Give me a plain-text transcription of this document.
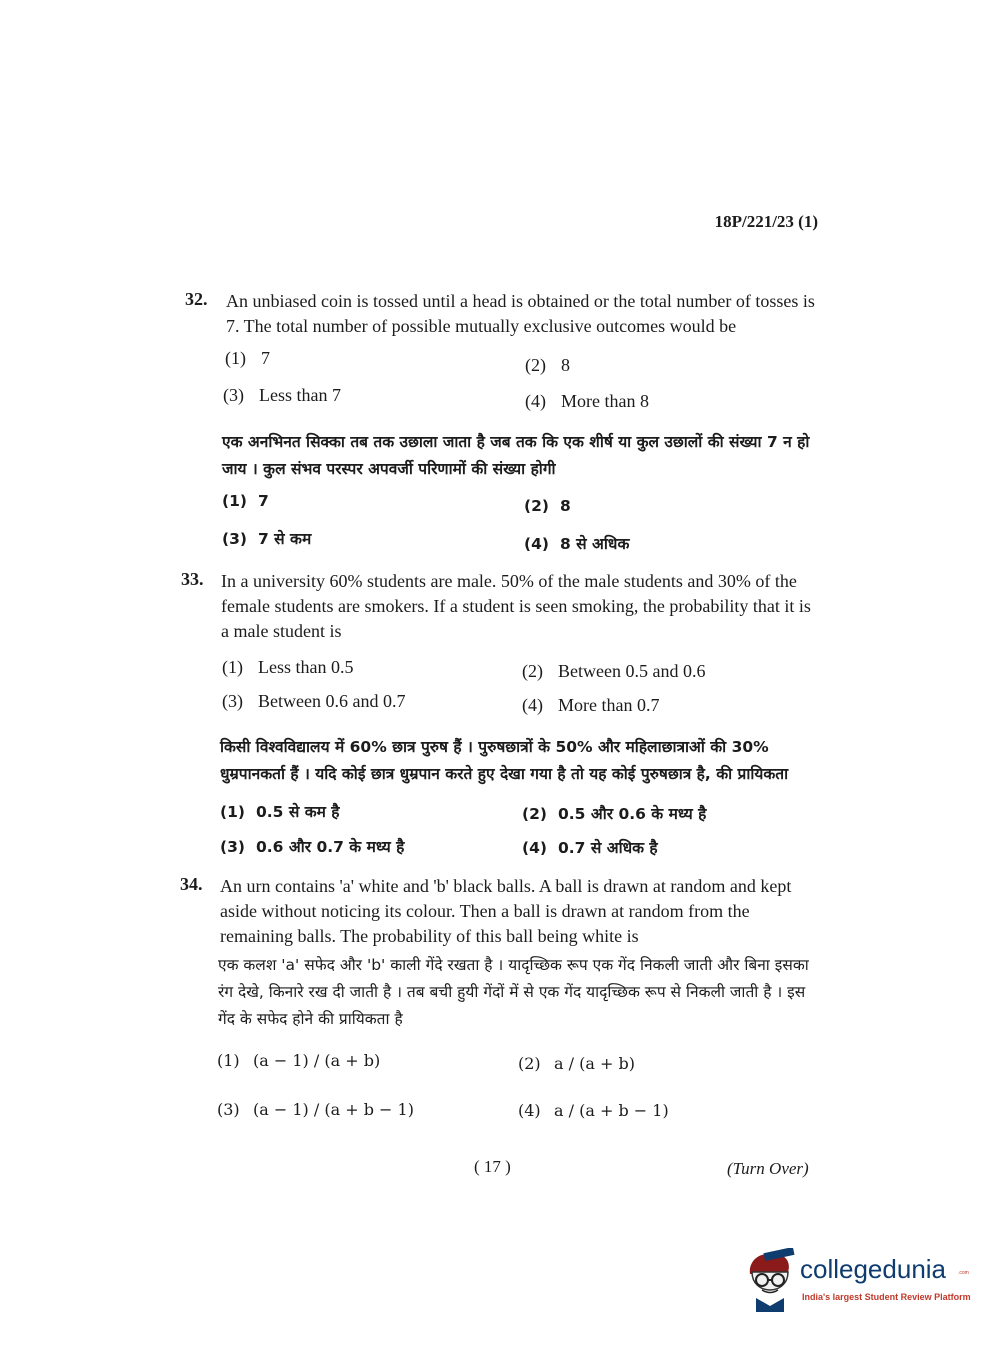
18P/221/23 (1)
32. An unbiased coin is tossed until a head is obtained or the total number of tosses is 7. The total number of possible mutually exclusive outcomes would be
(1) 7	(2) 8
(3) Less than 7	(4) More than 8
एक अनभिनत सिक्का तब तक उछाला जाता है जब तक कि एक शीर्ष या कुल उछालों की संख्या 7 न हो जाय । कुल संभव परस्पर अपवर्जी परिणामों की संख्या होगी
(1) 7	(2) 8
(3) 7 से कम	(4) 8 से अधिक
33. In a university 60% students are male. 50% of the male students and 30% of the female students are smokers. If a student is seen smoking, the probability that it is a male student is
(1) Less than 0.5	(2) Between 0.5 and 0.6
(3) Between 0.6 and 0.7	(4) More than 0.7
किसी विश्वविद्यालय में 60% छात्र पुरुष हैं । पुरुषछात्रों के 50% और महिलाछात्राओं की 30% धुम्रपानकर्ता हैं । यदि कोई छात्र धुम्रपान करते हुए देखा गया है तो यह कोई पुरुषछात्र है, की प्रायिकता
(1) 0.5 से कम है	(2) 0.5 और 0.6 के मध्य है
(3) 0.6 और 0.7 के मध्य है	(4) 0.7 से अधिक है
34. An urn contains 'a' white and 'b' black balls. A ball is drawn at random and kept aside without noticing its colour. Then a ball is drawn at random from the remaining balls. The probability of this ball being white is
एक कलश 'a' सफेद और 'b' काली गेंदे रखता है । यादृच्छिक रूप एक गेंद निकली जाती और बिना इसका रंग देखे, किनारे रख दी जाती है । तब बची हुयी गेंदों में से एक गेंद यादृच्छिक रूप से निकली जाती है । इस गेंद के सफेद होने की प्रायिकता है
(1) (a − 1) / (a + b)	(2) a / (a + b)
(3) (a − 1) / (a + b − 1)	(4) a / (a + b − 1)
( 17 )	(Turn Over)
collegedunia .com
India's largest Student Review Platform
